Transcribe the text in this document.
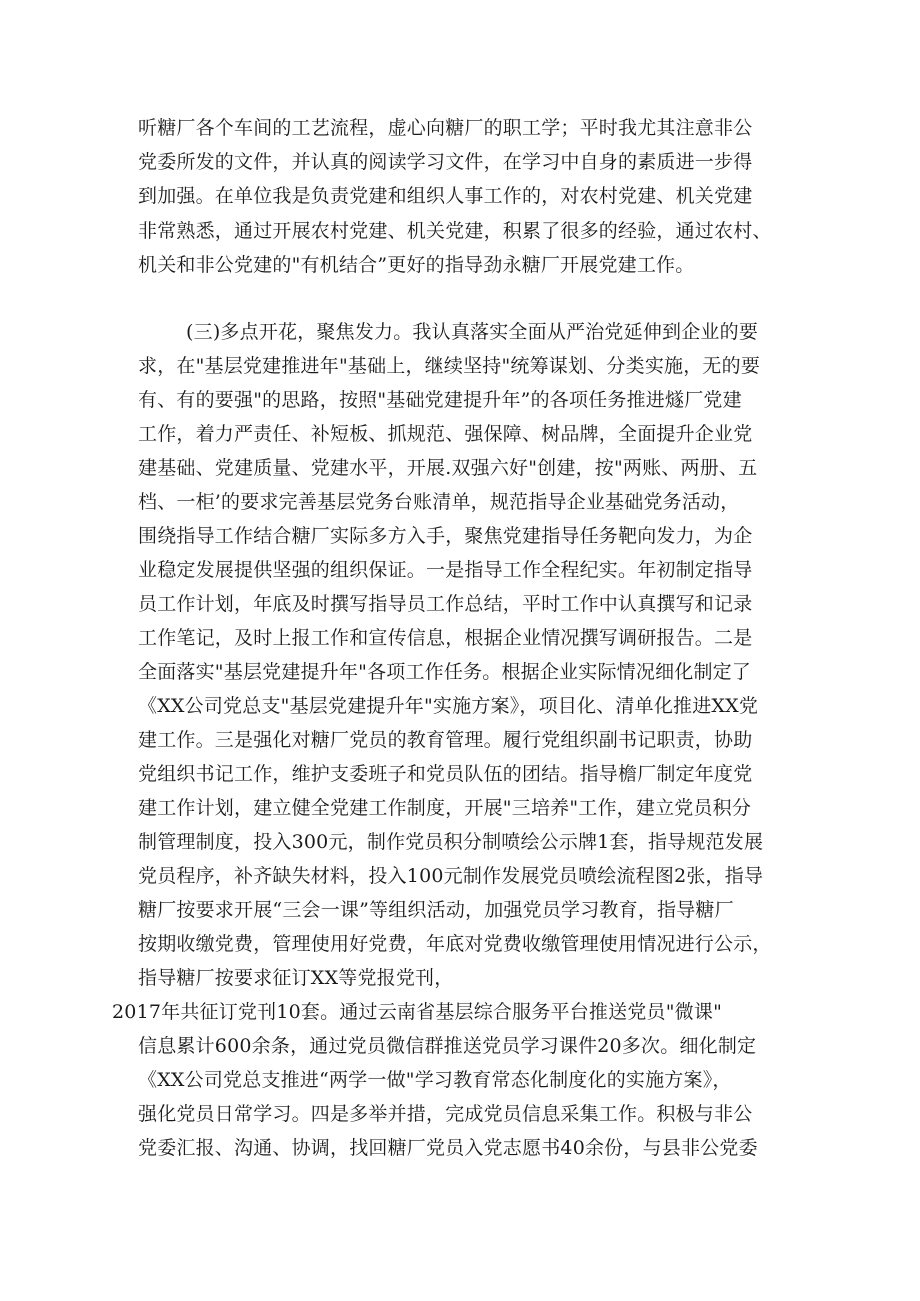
听糖厂各个车间的工艺流程，虚心向糖厂的职工学；平时我尤其注意非公
党委所发的文件，并认真的阅读学习文件，在学习中自身的素质进一步得
到加强。在单位我是负责党建和组织人事工作的，对农村党建、机关党建
非常熟悉，通过开展农村党建、机关党建，积累了很多的经验，通过农村、
机关和非公党建的"有机结合”更好的指导劲永糖厂开展党建工作。
(三)多点开花，聚焦发力。我认真落实全面从严治党延伸到企业的要
求，在"基层党建推进年"基础上，继续坚持"统筹谋划、分类实施，无的要
有、有的要强"的思路，按照"基础党建提升年”的各项任务推进燧厂党建
工作，着力严责任、补短板、抓规范、强保障、树品牌，全面提升企业党
建基础、党建质量、党建水平，开展.双强六好"创建，按"两账、两册、五
档、一柜’的要求完善基层党务台账清单，规范指导企业基础党务活动，
围绕指导工作结合糖厂实际多方入手，聚焦党建指导任务靶向发力，为企
业稳定发展提供坚强的组织保证。一是指导工作全程纪实。年初制定指导
员工作计划，年底及时撰写指导员工作总结，平时工作中认真撰写和记录
工作笔记，及时上报工作和宣传信息，根据企业情况撰写调研报告。二是
全面落实"基层党建提升年"各项工作任务。根据企业实际情况细化制定了
《XX公司党总支"基层党建提升年"实施方案》，项目化、清单化推进XX党
建工作。三是强化对糖厂党员的教育管理。履行党组织副书记职责，协助
党组织书记工作，维护支委班子和党员队伍的团结。指导檐厂制定年度党
建工作计划，建立健全党建工作制度，开展"三培养"工作，建立党员积分
制管理制度，投入300元，制作党员积分制喷绘公示牌1套，指导规范发展
党员程序，补齐缺失材料，投入100元制作发展党员喷绘流程图2张，指导
糖厂按要求开展“三会一课”等组织活动，加强党员学习教育，指导糖厂
按期收缴党费，管理使用好党费，年底对党费收缴管理使用情况进行公示，
指导糖厂按要求征订XX等党报党刊，
2017年共征订党刊10套。通过云南省基层综合服务平台推送党员"微课"
信息累计600余条，通过党员微信群推送党员学习课件20多次。细化制定
《XX公司党总支推进“两学一做"学习教育常态化制度化的实施方案》，
强化党员日常学习。四是多举并措，完成党员信息采集工作。积极与非公
党委汇报、沟通、协调，找回糖厂党员入党志愿书40余份，与县非公党委
